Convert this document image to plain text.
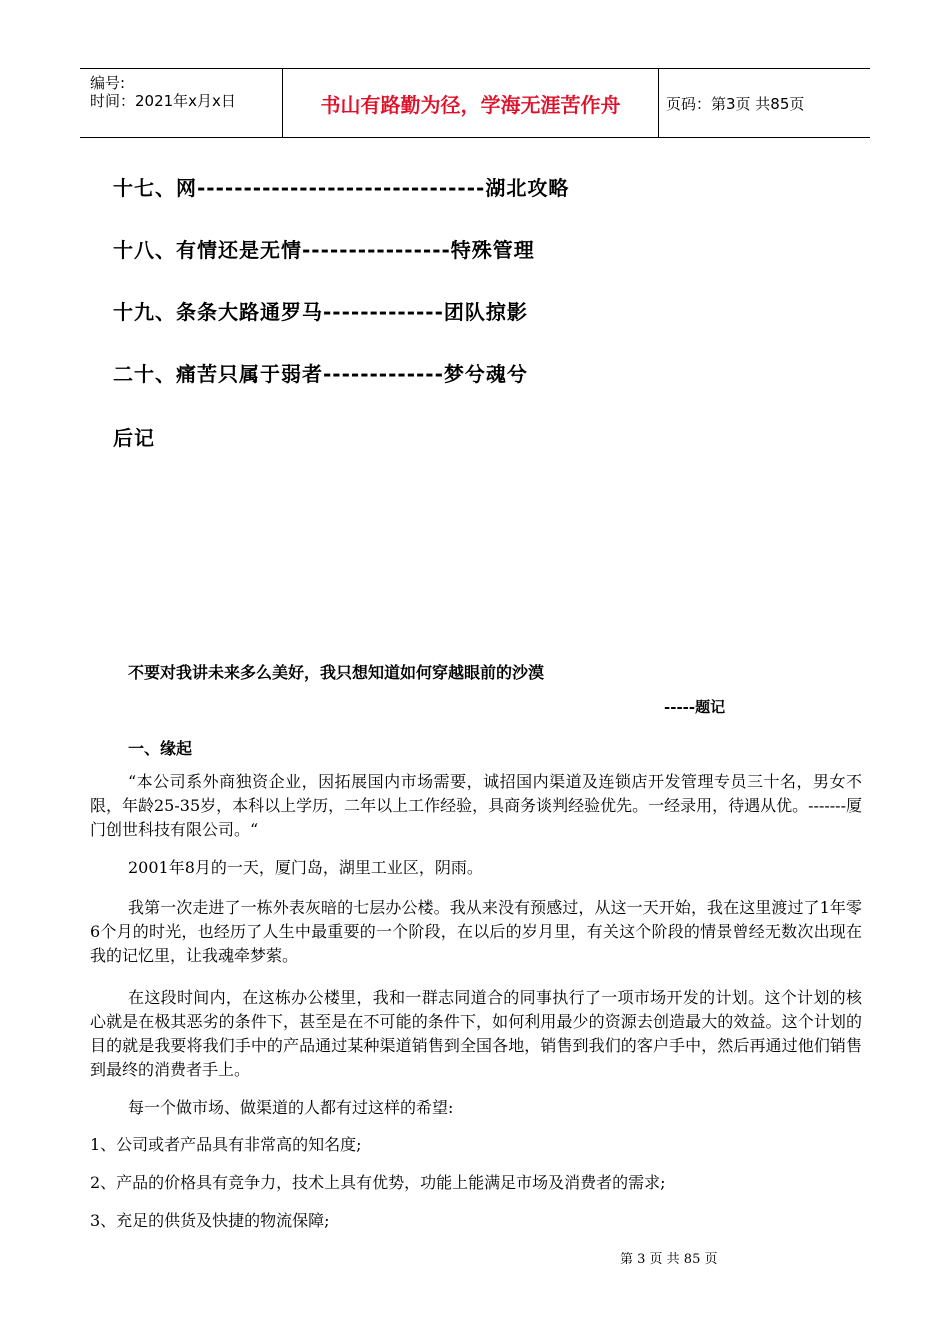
编号:
时间：2021年x月x日	书山有路勤为径，学海无涯苦作舟	页码：第3页 共85页
十七、网-------------------------------湖北攻略
十八、有情还是无情----------------特殊管理
十九、条条大路通罗马-------------团队掠影
二十、痛苦只属于弱者-------------梦兮魂兮
后记
不要对我讲未来多么美好，我只想知道如何穿越眼前的沙漠
-----题记
一、缘起
“本公司系外商独资企业，因拓展国内市场需要，诚招国内渠道及连锁店开发管理专员三十名，男女不限，年龄25-35岁，本科以上学历，二年以上工作经验，具商务谈判经验优先。一经录用，待遇从优。-------厦门创世科技有限公司。“
2001年8月的一天，厦门岛，湖里工业区，阴雨。
我第一次走进了一栋外表灰暗的七层办公楼。我从来没有预感过，从这一天开始，我在这里渡过了1年零6个月的时光，也经历了人生中最重要的一个阶段，在以后的岁月里，有关这个阶段的情景曾经无数次出现在我的记忆里，让我魂牵梦萦。
在这段时间内，在这栋办公楼里，我和一群志同道合的同事执行了一项市场开发的计划。这个计划的核心就是在极其恶劣的条件下，甚至是在不可能的条件下，如何利用最少的资源去创造最大的效益。这个计划的目的就是我要将我们手中的产品通过某种渠道销售到全国各地，销售到我们的客户手中，然后再通过他们销售到最终的消费者手上。
每一个做市场、做渠道的人都有过这样的希望:
1、公司或者产品具有非常高的知名度;
2、产品的价格具有竞争力，技术上具有优势，功能上能满足市场及消费者的需求;
3、充足的供货及快捷的物流保障;
第 3 页 共 85 页
